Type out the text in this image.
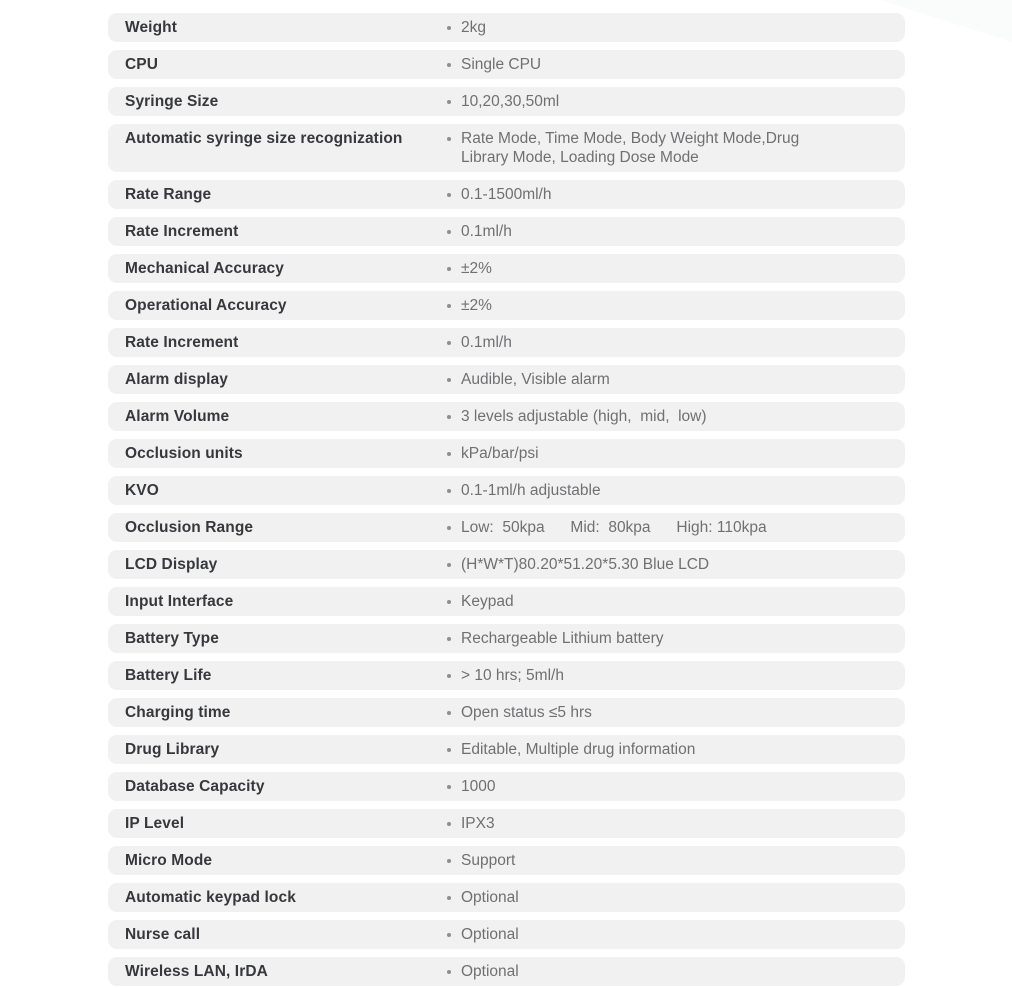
Weight	2kg
CPU	Single CPU
Syringe Size	10,20,30,50ml
Automatic syringe size recognization	Rate Mode, Time Mode, Body Weight Mode,Drug Library Mode, Loading Dose Mode
Rate Range	0.1-1500ml/h
Rate Increment	0.1ml/h
Mechanical Accuracy	±2%
Operational Accuracy	±2%
Rate Increment	0.1ml/h
Alarm display	Audible, Visible alarm
Alarm Volume	3 levels adjustable (high,  mid,  low)
Occlusion units	kPa/bar/psi
KVO	0.1-1ml/h adjustable
Occlusion Range	Low:  50kpa      Mid:  80kpa      High: 110kpa
LCD Display	(H*W*T)80.20*51.20*5.30 Blue LCD
Input Interface	Keypad
Battery Type	Rechargeable Lithium battery
Battery Life	> 10 hrs; 5ml/h
Charging time	Open status ≤5 hrs
Drug Library	Editable, Multiple drug information
Database Capacity	1000
IP Level	IPX3
Micro Mode	Support
Automatic keypad lock	Optional
Nurse call	Optional
Wireless LAN, IrDA	Optional
